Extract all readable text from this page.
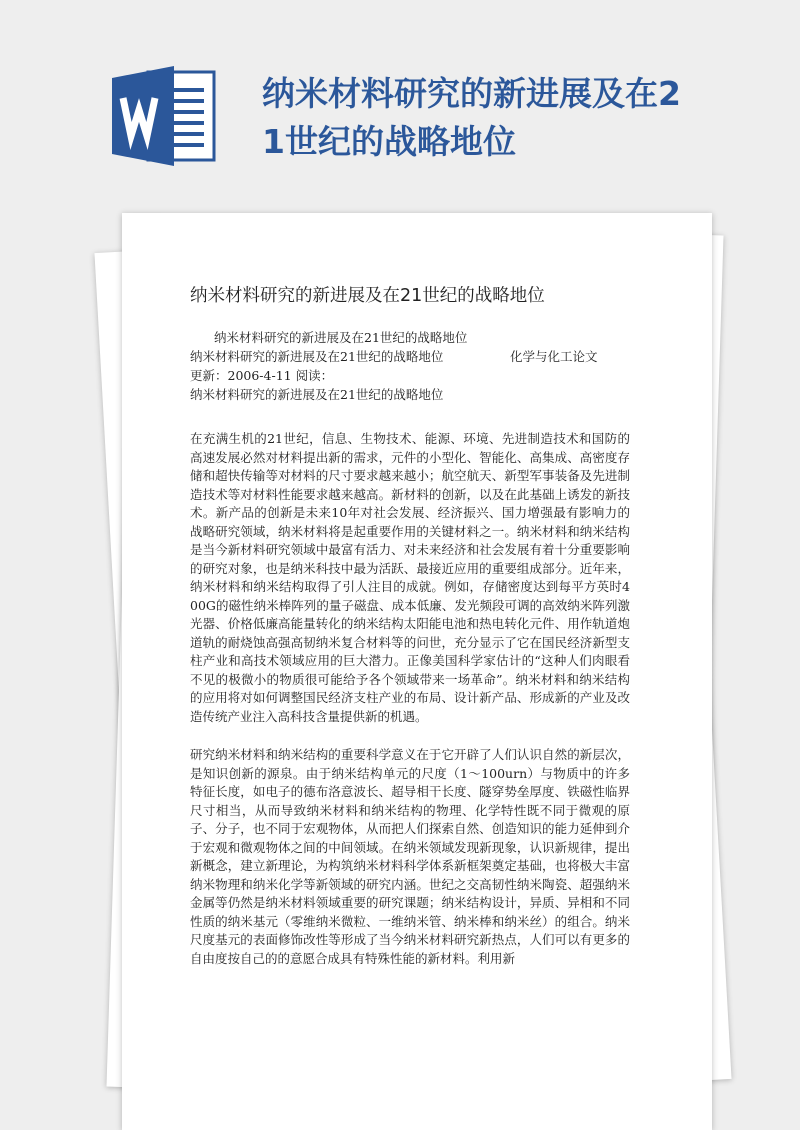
纳米材料研究的新进展及在21世纪的战略地位
纳米材料研究的新进展及在21世纪的战略地位
纳米材料研究的新进展及在21世纪的战略地位
纳米材料研究的新进展及在21世纪的战略地位	化学与化工论文
更新：2006-4-11 阅读：
纳米材料研究的新进展及在21世纪的战略地位

在充满生机的21世纪，信息、生物技术、能源、环境、先进制造技术和国防的高速发展必然对材料提出新的需求，元件的小型化、智能化、高集成、高密度存储和超快传输等对材料的尺寸要求越来越小；航空航天、新型军事装备及先进制造技术等对材料性能要求越来越高。新材料的创新，以及在此基础上诱发的新技术。新产品的创新是未来10年对社会发展、经济振兴、国力增强最有影响力的战略研究领域，纳米材料将是起重要作用的关键材料之一。纳米材料和纳米结构是当今新材料研究领域中最富有活力、对未来经济和社会发展有着十分重要影响的研究对象，也是纳米科技中最为活跃、最接近应用的重要组成部分。近年来，纳米材料和纳米结构取得了引人注目的成就。例如，存储密度达到每平方英时400G的磁性纳米棒阵列的量子磁盘、成本低廉、发光频段可调的高效纳米阵列激光器、价格低廉高能量转化的纳米结构太阳能电池和热电转化元件、用作轨道炮道轨的耐烧蚀高强高韧纳米复合材料等的问世，充分显示了它在国民经济新型支柱产业和高技术领域应用的巨大潜力。正像美国科学家估计的“这种人们肉眼看不见的极微小的物质很可能给予各个领域带来一场革命”。纳米材料和纳米结构的应用将对如何调整国民经济支柱产业的布局、设计新产品、形成新的产业及改造传统产业注入高科技含量提供新的机遇。

研究纳米材料和纳米结构的重要科学意义在于它开辟了人们认识自然的新层次，是知识创新的源泉。由于纳米结构单元的尺度（1～100urn）与物质中的许多特征长度，如电子的德布洛意波长、超导相干长度、隧穿势垒厚度、铁磁性临界尺寸相当，从而导致纳米材料和纳米结构的物理、化学特性既不同于微观的原子、分子，也不同于宏观物体，从而把人们探索自然、创造知识的能力延伸到介于宏观和微观物体之间的中间领域。在纳米领域发现新现象，认识新规律，提出新概念，建立新理论，为构筑纳米材料科学体系新框架奠定基础，也将极大丰富纳米物理和纳米化学等新领域的研究内涵。世纪之交高韧性纳米陶瓷、超强纳米金属等仍然是纳米材料领域重要的研究课题；纳米结构设计，异质、异相和不同性质的纳米基元（零维纳米微粒、一维纳米管、纳米棒和纳米丝）的组合。纳米尺度基元的表面修饰改性等形成了当今纳米材料研究新热点，人们可以有更多的自由度按自己的的意愿合成具有特殊性能的新材料。利用新
